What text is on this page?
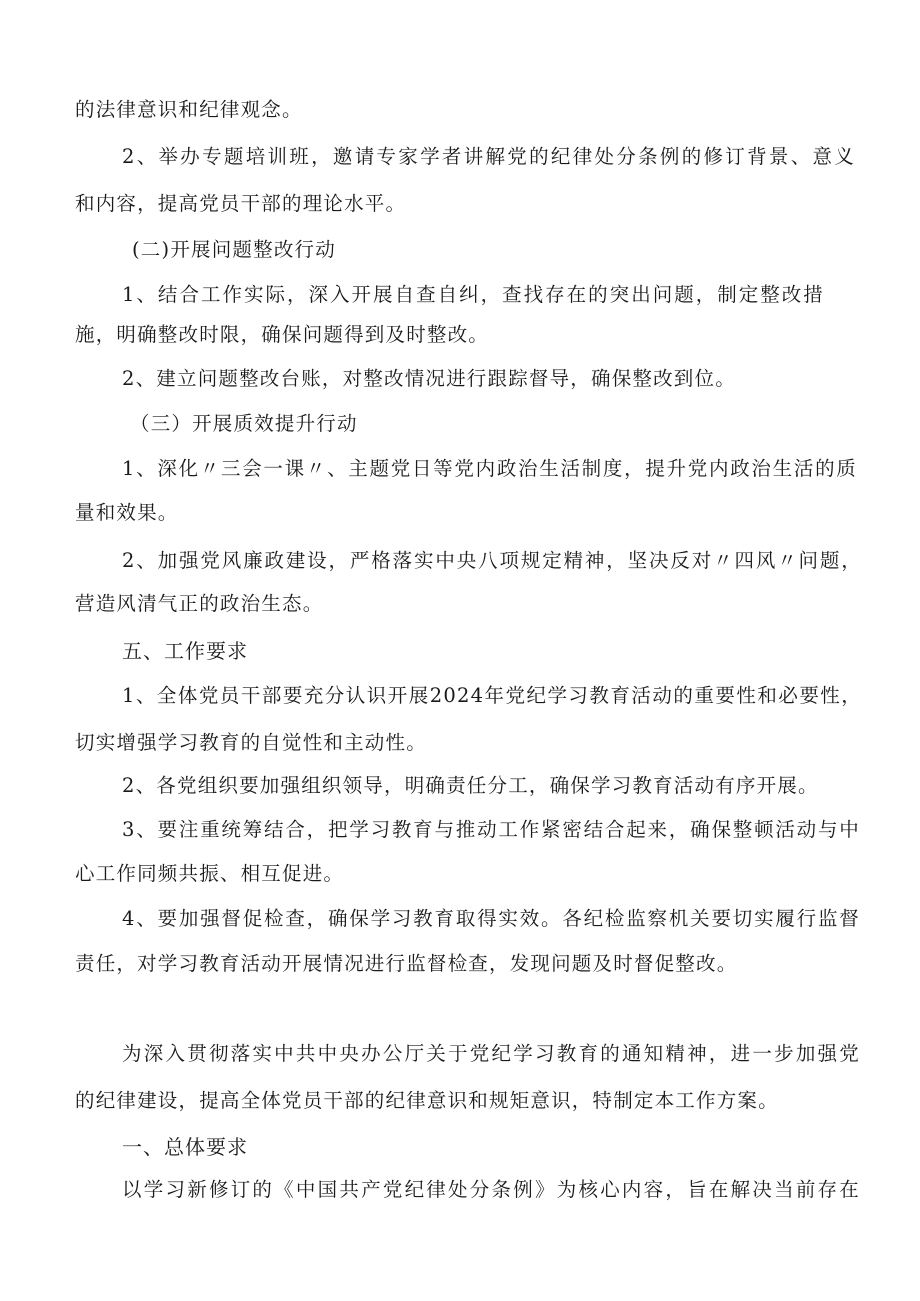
的法律意识和纪律观念。
2、举办专题培训班，邀请专家学者讲解党的纪律处分条例的修订背景、意义
和内容，提高党员干部的理论水平。
(二)开展问题整改行动
1、结合工作实际，深入开展自查自纠，查找存在的突出问题，制定整改措
施，明确整改时限，确保问题得到及时整改。
2、建立问题整改台账，对整改情况进行跟踪督导，确保整改到位。
（三）开展质效提升行动
1、深化〃三会一课〃、主题党日等党内政治生活制度，提升党内政治生活的质
量和效果。
2、加强党风廉政建设，严格落实中央八项规定精神，坚决反对〃四风〃问题，
营造风清气正的政治生态。
五、工作要求
1、全体党员干部要充分认识开展2024年党纪学习教育活动的重要性和必要性，
切实增强学习教育的自觉性和主动性。
2、各党组织要加强组织领导，明确责任分工，确保学习教育活动有序开展。
3、要注重统筹结合，把学习教育与推动工作紧密结合起来，确保整顿活动与中
心工作同频共振、相互促进。
4、要加强督促检查，确保学习教育取得实效。各纪检监察机关要切实履行监督
责任，对学习教育活动开展情况进行监督检查，发现问题及时督促整改。
为深入贯彻落实中共中央办公厅关于党纪学习教育的通知精神，进一步加强党
的纪律建设，提高全体党员干部的纪律意识和规矩意识，特制定本工作方案。
一、总体要求
以学习新修订的《中国共产党纪律处分条例》为核心内容，旨在解决当前存在
